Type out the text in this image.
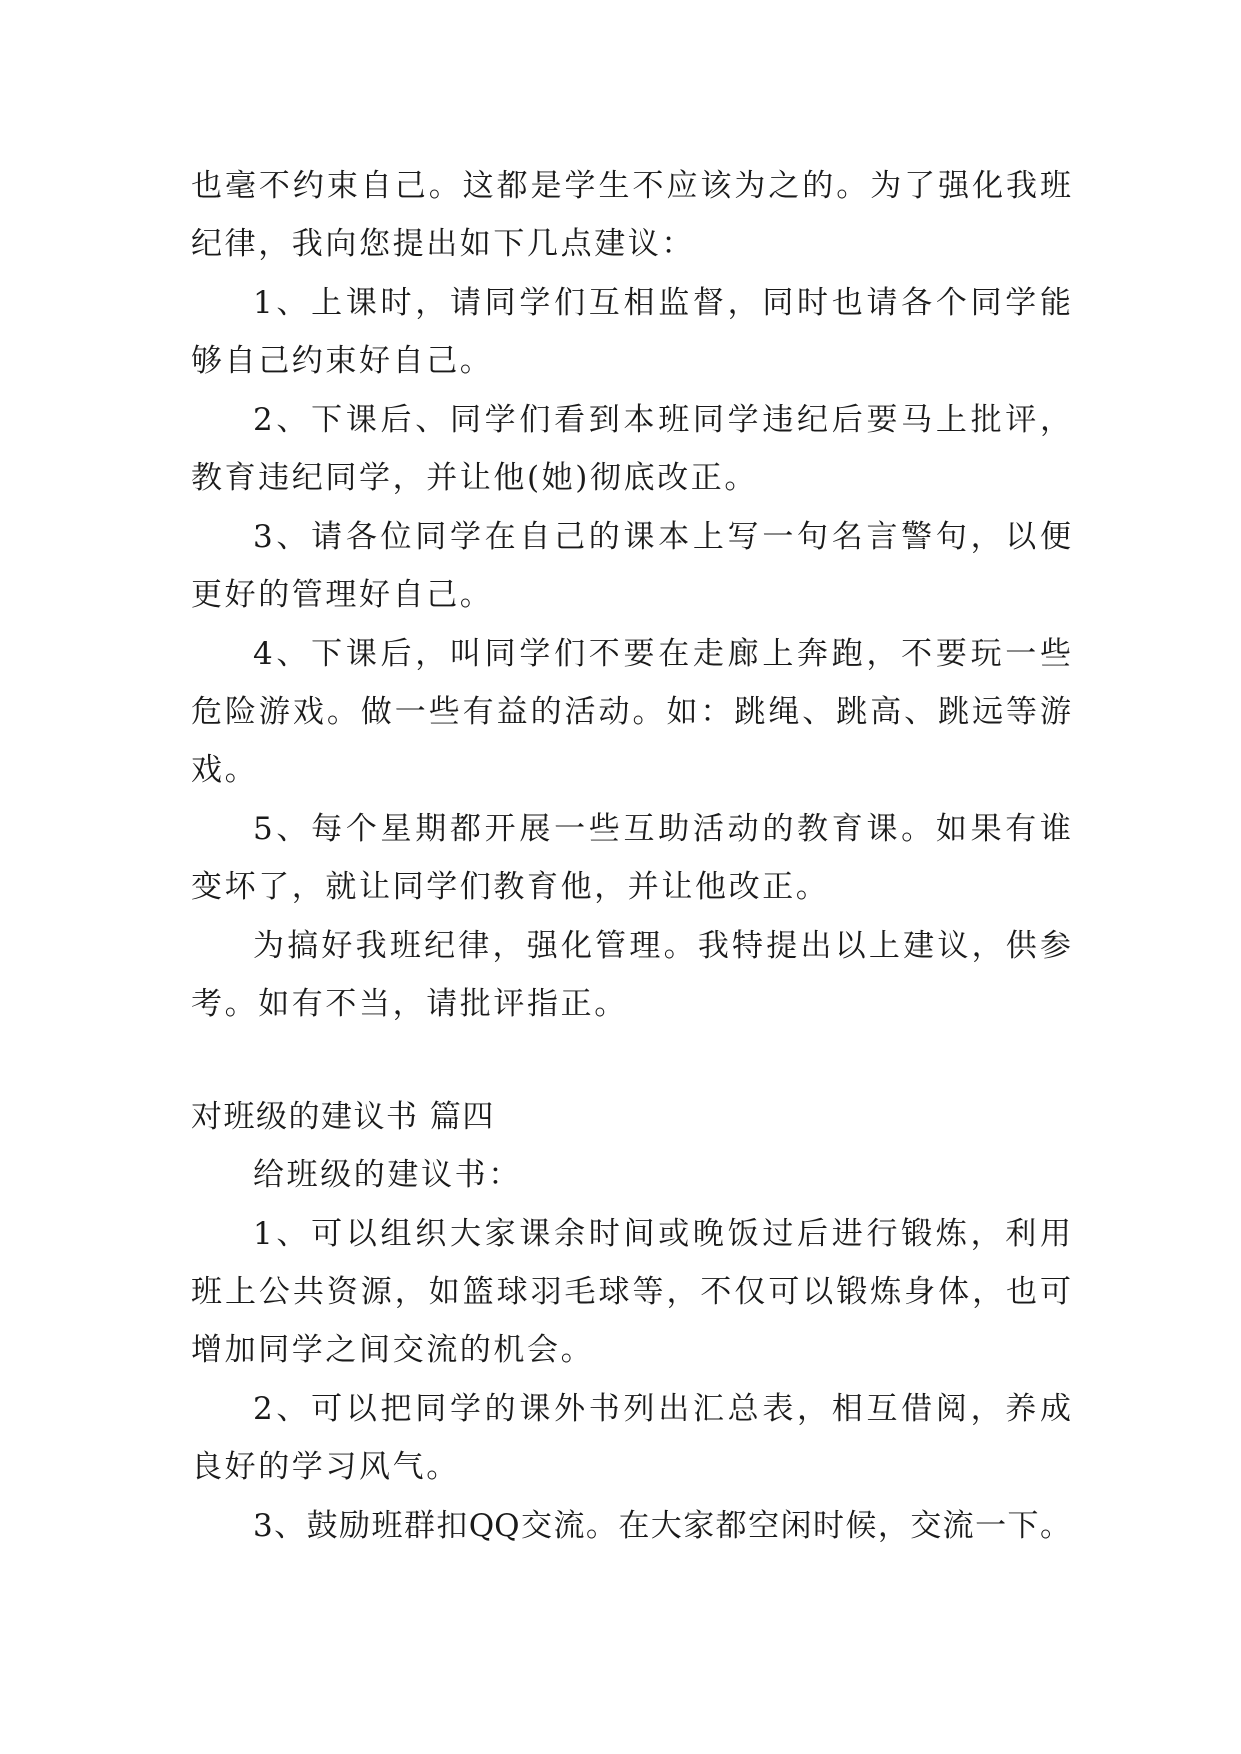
也毫不约束自己。这都是学生不应该为之的。为了强化我班
纪律，我向您提出如下几点建议：
1、上课时，请同学们互相监督，同时也请各个同学能
够自己约束好自己。
2、下课后、同学们看到本班同学违纪后要马上批评，
教育违纪同学，并让他(她)彻底改正。
3、请各位同学在自己的课本上写一句名言警句，以便
更好的管理好自己。
4、下课后，叫同学们不要在走廊上奔跑，不要玩一些
危险游戏。做一些有益的活动。如：跳绳、跳高、跳远等游
戏。
5、每个星期都开展一些互助活动的教育课。如果有谁
变坏了，就让同学们教育他，并让他改正。
为搞好我班纪律，强化管理。我特提出以上建议，供参
考。如有不当，请批评指正。
对班级的建议书 篇四
给班级的建议书：
1、可以组织大家课余时间或晚饭过后进行锻炼，利用
班上公共资源，如篮球羽毛球等，不仅可以锻炼身体，也可
增加同学之间交流的机会。
2、可以把同学的课外书列出汇总表，相互借阅，养成
良好的学习风气。
3、鼓励班群扣QQ交流。在大家都空闲时候，交流一下。
